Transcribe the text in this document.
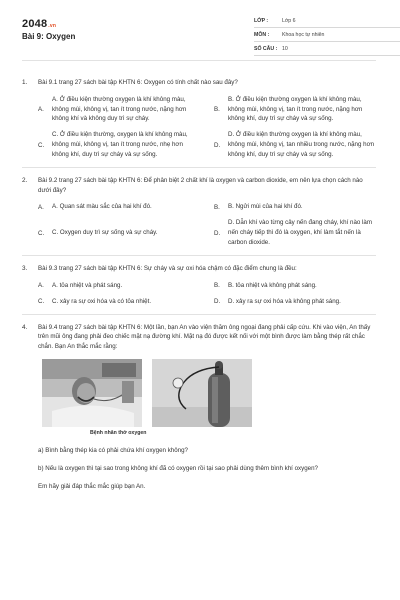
2048.vn
Bài 9: Oxygen
LỚP :	Lớp 6
MÔN :	Khoa học tự nhiên
SỐ CÂU : 10
1. Bài 9.1 trang 27 sách bài tập KHTN 6: Oxygen có tính chất nào sau đây?
A.
A. Ở điều kiện thường oxygen là khí không màu, không mùi, không vị, tan ít trong nước, nặng hơn không khí và không duy trì sự cháy.
B.
B. Ở điều kiện thường oxygen là khí không màu, không mùi, không vị, tan ít trong nước, nặng hơn không khí, duy trì sự cháy và sự sống.
C.
C. Ở điều kiện thường, oxygen là khí không màu, không mùi, không vị, tan ít trong nước, nhẹ hơn không khí, duy trì sự cháy và sự sống.
D.
D. Ở điều kiện thường oxygen là khí không màu, không mùi, không vị, tan nhiều trong nước, nặng hơn không khí, duy trì sự cháy và sự sống.
2. Bài 9.2 trang 27 sách bài tập KHTN 6: Để phân biệt 2 chất khí là oxygen và carbon dioxide, em nên lựa chọn cách nào dưới đây?
A.	A. Quan sát màu sắc của hai khí đó.	B.	B. Ngửi mùi của hai khí đó.
C.	C. Oxygen duy trì sự sống và sự cháy.	D.
D. Dẫn khí vào từng cây nến đang cháy, khí nào làm nến cháy tiếp thì đó là oxygen, khí làm tắt nến là carbon dioxide.
3. Bài 9.3 trang 27 sách bài tập KHTN 6: Sự cháy và sự oxi hóa chậm có đặc điểm chung là đều:
A.	A. tỏa nhiệt và phát sáng.	B.	B. tỏa nhiệt và không phát sáng.
C.	C. xảy ra sự oxi hóa và có tỏa nhiệt.	D.	D. xảy ra sự oxi hóa và không phát sáng.
4. Bài 9.4 trang 27 sách bài tập KHTN 6: Một lần, bạn An vào viện thăm ông ngoại đang phải cấp cứu. Khi vào viện, An thấy trên mũi ông đang phải đeo chiếc mặt nạ đường khí. Mặt nạ đó được kết nối với một bình được làm bằng thép rất chắc chắn. Bạn An thắc mắc rằng:
Bệnh nhân thở oxygen
a) Bình bằng thép kia có phải chứa khí oxygen không?
b) Nếu là oxygen thì tại sao trong không khí đã có oxygen rồi tại sao phải dùng thêm bình khí oxygen?
Em hãy giải đáp thắc mắc giúp bạn An.
